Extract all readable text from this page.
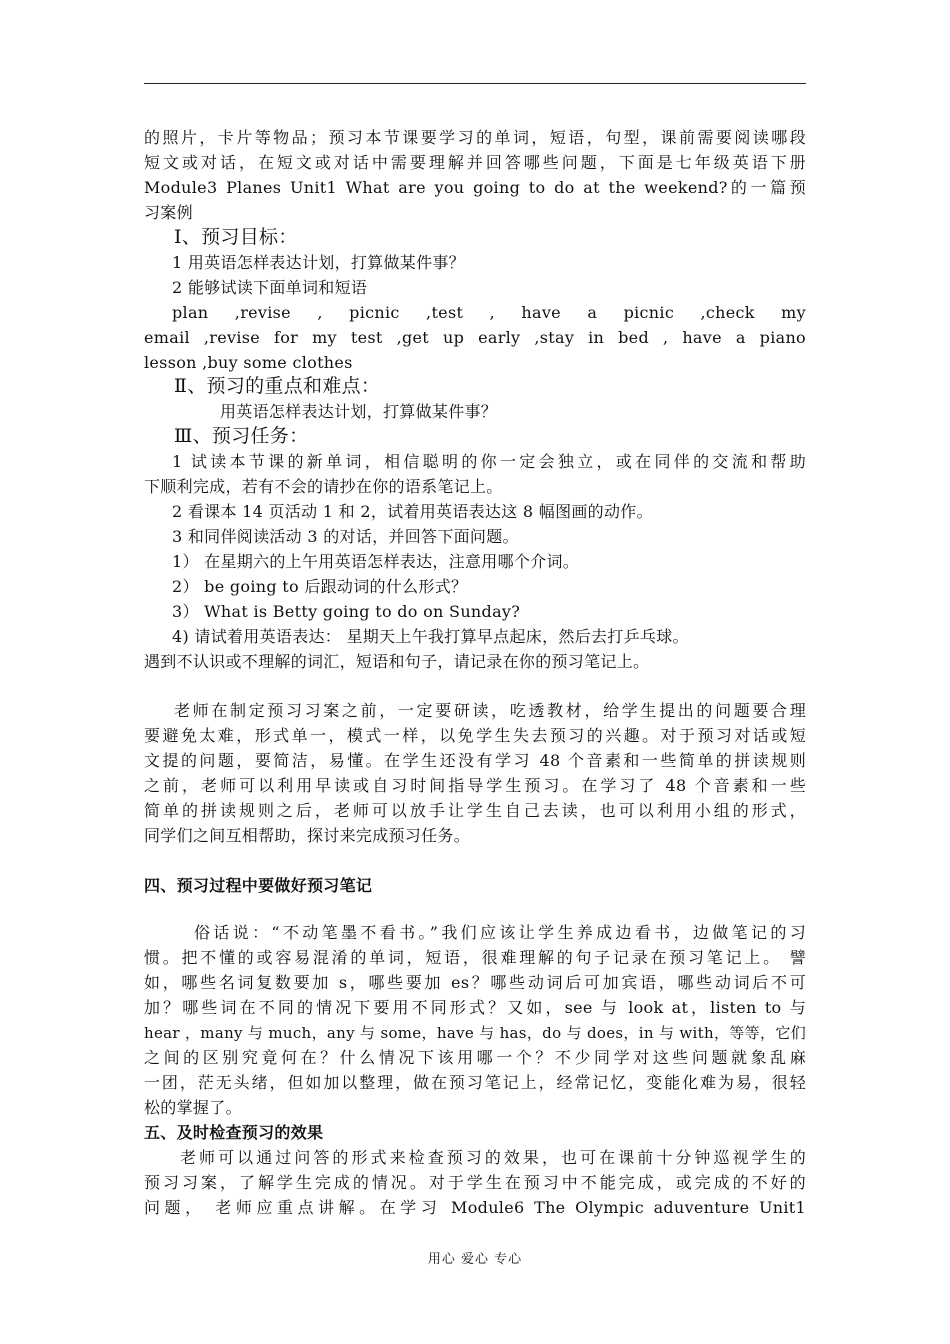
的照片，卡片等物品；预习本节课要学习的单词，短语，句型，课前需要阅读哪段
短文或对话，在短文或对话中需要理解并回答哪些问题，下面是七年级英语下册
Module3 Planes Unit1 What are you going to do at the weekend?的一篇预
习案例
Ⅰ、预习目标：
1 用英语怎样表达计划，打算做某件事？
2 能够试读下面单词和短语
plan ,revise , picnic ,test , have a picnic ,check my
email ,revise for my test ,get up early ,stay in bed , have a piano
lesson ,buy some clothes
Ⅱ、预习的重点和难点：
用英语怎样表达计划，打算做某件事？
Ⅲ、预习任务：
1 试读本节课的新单词，相信聪明的你一定会独立，或在同伴的交流和帮助
下顺利完成，若有不会的请抄在你的语系笔记上。
2 看课本 14 页活动 1 和 2，试着用英语表达这 8 幅图画的动作。
3 和同伴阅读活动 3 的对话，并回答下面问题。
1） 在星期六的上午用英语怎样表达，注意用哪个介词。
2） be going to 后跟动词的什么形式？
3） What is Betty going to do on Sunday?
4) 请试着用英语表达： 星期天上午我打算早点起床，然后去打乒乓球。
遇到不认识或不理解的词汇，短语和句子，请记录在你的预习笔记上。
老师在制定预习习案之前，一定要研读，吃透教材，给学生提出的问题要合理
要避免太难，形式单一，模式一样，以免学生失去预习的兴趣。对于预习对话或短
文提的问题，要简洁，易懂。在学生还没有学习 48 个音素和一些简单的拼读规则
之前，老师可以利用早读或自习时间指导学生预习。在学习了 48 个音素和一些
简单的拼读规则之后，老师可以放手让学生自己去读，也可以利用小组的形式，
同学们之间互相帮助，探讨来完成预习任务。
四、预习过程中要做好预习笔记
俗话说：“不动笔墨不看书。”我们应该让学生养成边看书，边做笔记的习
惯。把不懂的或容易混淆的单词，短语，很难理解的句子记录在预习笔记上。 譬
如，哪些名词复数要加 s，哪些要加 es？哪些动词后可加宾语，哪些动词后不可
加？哪些词在不同的情况下要用不同形式？又如，see 与 look at，listen to 与
hear ，many 与 much，any 与 some，have 与 has，do 与 does，in 与 with，等等，它们
之间的区别究竟何在？什么情况下该用哪一个？不少同学对这些问题就象乱麻
一团，茫无头绪，但如加以整理，做在预习笔记上，经常记忆，变能化难为易，很轻
松的掌握了。
五、及时检查预习的效果
老师可以通过问答的形式来检查预习的效果，也可在课前十分钟巡视学生的
预习习案，了解学生完成的情况。对于学生在预习中不能完成，或完成的不好的
问题， 老师应重点讲解。在学习 Module6 The Olympic aduventure Unit1
用心 爱心 专心
